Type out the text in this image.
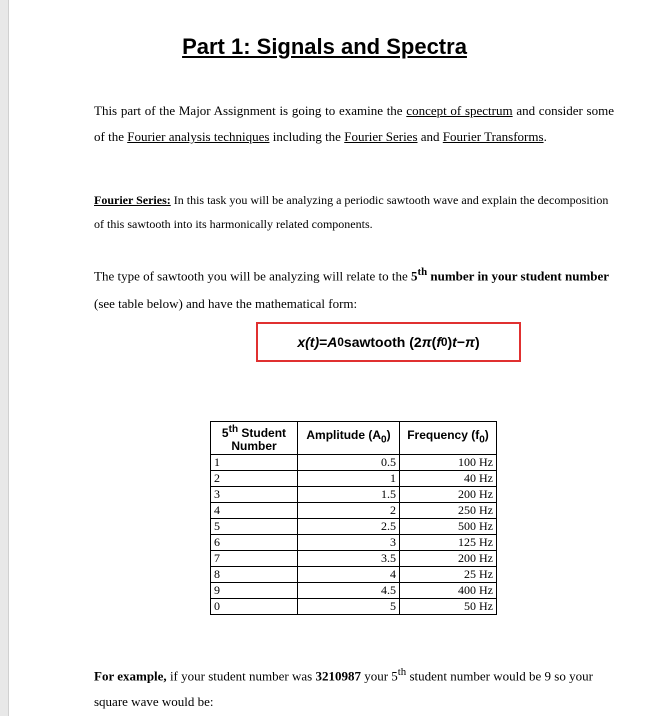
Part 1: Signals and Spectra
This part of the Major Assignment is going to examine the concept of spectrum and consider some of the Fourier analysis techniques including the Fourier Series and Fourier Transforms.
Fourier Series: In this task you will be analyzing a periodic sawtooth wave and explain the decomposition of this sawtooth into its harmonically related components.
The type of sawtooth you will be analyzing will relate to the 5th number in your student number (see table below) and have the mathematical form:
x(t) = A 0 sawtooth (2 π ( f 0 ) t − π )
5th Student Number	Amplitude $(A_0)$	Frequency $(f_0)$
1	0.5	100 Hz
2	1	40 Hz
3	1.5	200 Hz
4	2	250 Hz
5	2.5	500 Hz
6	3	125 Hz
7	3.5	200 Hz
8	4	25 Hz
9	4.5	400 Hz
0	5	50 Hz
For example, if your student number was 3210987 your 5th student number would be 9 so your square wave would be:
